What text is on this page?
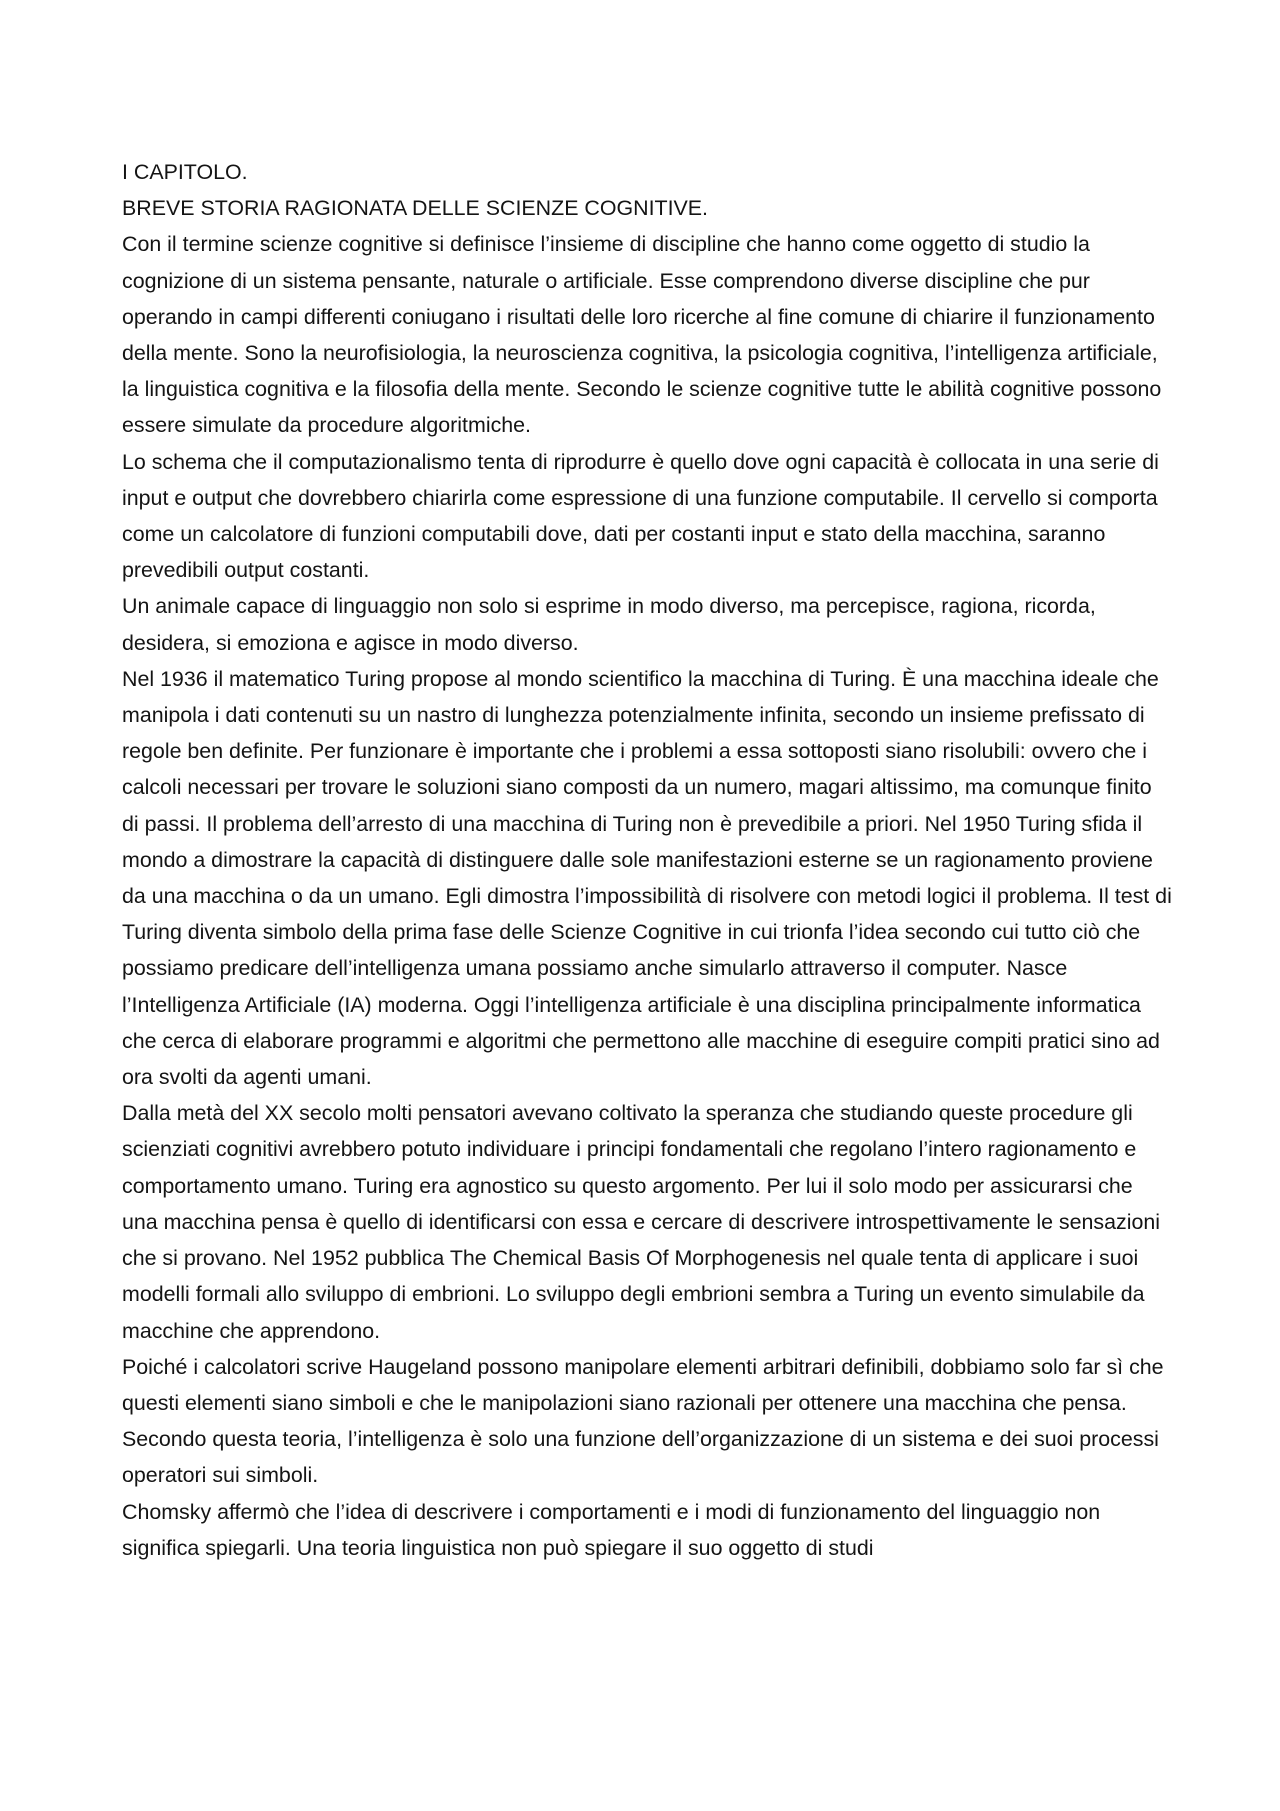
I CAPITOLO.

BREVE STORIA RAGIONATA DELLE SCIENZE COGNITIVE.

Con il termine scienze cognitive si definisce l’insieme di discipline che hanno come oggetto di studio la cognizione di un sistema pensante, naturale o artificiale. Esse comprendono diverse discipline che pur operando in campi differenti coniugano i risultati delle loro ricerche al fine comune di chiarire il funzionamento della mente. Sono la neurofisiologia, la neuroscienza cognitiva, la psicologia cognitiva, l’intelligenza artificiale, la linguistica cognitiva e la filosofia della mente. Secondo le scienze cognitive tutte le abilità cognitive possono essere simulate da procedure algoritmiche.

Lo schema che il computazionalismo tenta di riprodurre è quello dove ogni capacità è collocata in una serie di input e output che dovrebbero chiarirla come espressione di una funzione computabile. Il cervello si comporta come un calcolatore di funzioni computabili dove, dati per costanti input e stato della macchina, saranno prevedibili output costanti.

Un animale capace di linguaggio non solo si esprime in modo diverso, ma percepisce, ragiona, ricorda, desidera, si emoziona e agisce in modo diverso.

Nel 1936 il matematico Turing propose al mondo scientifico la macchina di Turing. È una macchina ideale che manipola i dati contenuti su un nastro di lunghezza potenzialmente infinita, secondo un insieme prefissato di regole ben definite. Per funzionare è importante che i problemi a essa sottoposti siano risolubili: ovvero che i calcoli necessari per trovare le soluzioni siano composti da un numero, magari altissimo, ma comunque finito di passi. Il problema dell’arresto di una macchina di Turing non è prevedibile a priori. Nel 1950 Turing sfida il mondo a dimostrare la capacità di distinguere dalle sole manifestazioni esterne se un ragionamento proviene da una macchina o da un umano. Egli dimostra l’impossibilità di risolvere con metodi logici il problema. Il test di Turing diventa simbolo della prima fase delle Scienze Cognitive in cui trionfa l’idea secondo cui tutto ciò che possiamo predicare dell’intelligenza umana possiamo anche simularlo attraverso il computer. Nasce l’Intelligenza Artificiale (IA) moderna. Oggi l’intelligenza artificiale è una disciplina principalmente informatica che cerca di elaborare programmi e algoritmi che permettono alle macchine di eseguire compiti pratici sino ad ora svolti da agenti umani.

Dalla metà del XX secolo molti pensatori avevano coltivato la speranza che studiando queste procedure gli scienziati cognitivi avrebbero potuto individuare i principi fondamentali che regolano l’intero ragionamento e comportamento umano. Turing era agnostico su questo argomento. Per lui il solo modo per assicurarsi che una macchina pensa è quello di identificarsi con essa e cercare di descrivere introspettivamente le sensazioni che si provano. Nel 1952 pubblica The Chemical Basis Of Morphogenesis nel quale tenta di applicare i suoi modelli formali allo sviluppo di embrioni. Lo sviluppo degli embrioni sembra a Turing un evento simulabile da macchine che apprendono.

Poiché i calcolatori scrive Haugeland possono manipolare elementi arbitrari definibili, dobbiamo solo far sì che questi elementi siano simboli e che le manipolazioni siano razionali per ottenere una macchina che pensa. Secondo questa teoria, l’intelligenza è solo una funzione dell’organizzazione di un sistema e dei suoi processi operatori sui simboli.

Chomsky affermò che l’idea di descrivere i comportamenti e i modi di funzionamento del linguaggio non significa spiegarli. Una teoria linguistica non può spiegare il suo oggetto di studi
